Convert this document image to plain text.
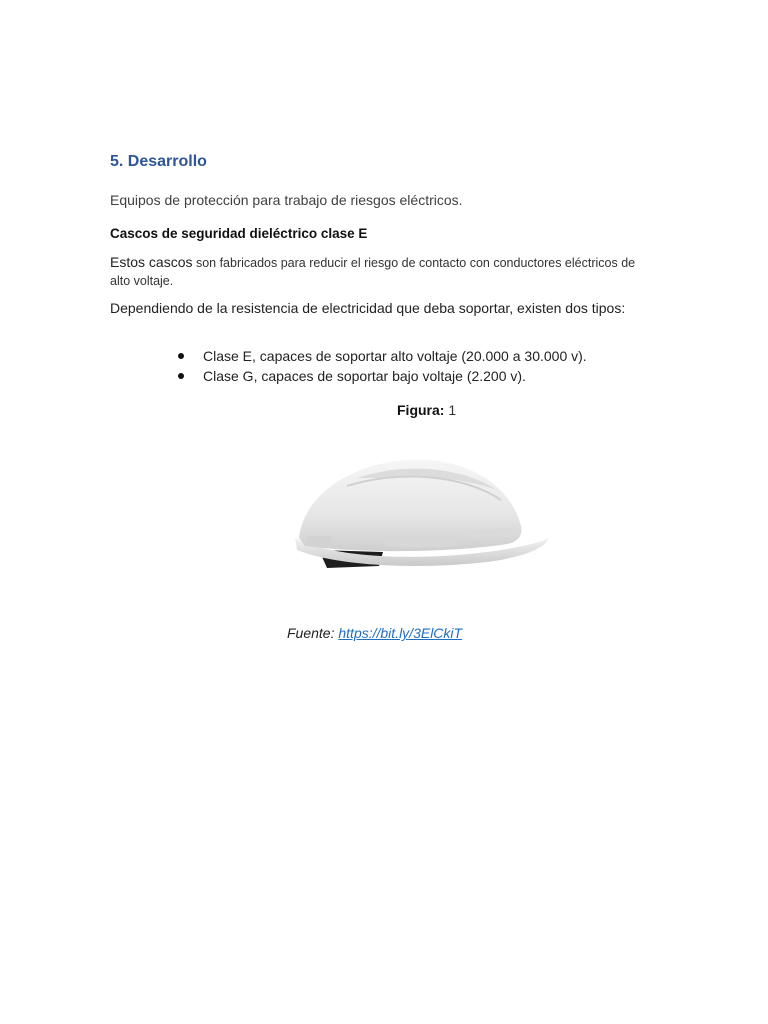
5. Desarrollo

Equipos de protección para trabajo de riesgos eléctricos.

Cascos de seguridad dieléctrico clase E

Estos cascos son fabricados para reducir el riesgo de contacto con conductores eléctricos de alto voltaje.

Dependiendo de la resistencia de electricidad que deba soportar, existen dos tipos:

Clase E, capaces de soportar alto voltaje (20.000 a 30.000 v).
Clase G, capaces de soportar bajo voltaje (2.200 v).

Figura: 1

Fuente: https://bit.ly/3ElCkiT
